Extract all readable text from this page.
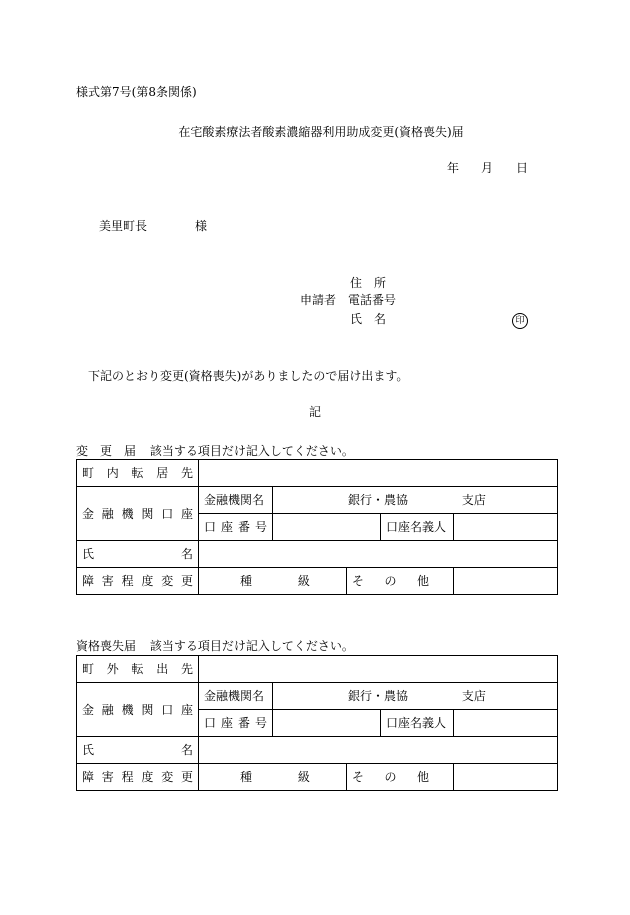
様式第7号(第8条関係)
在宅酸素療法者酸素濃縮器利用助成変更(資格喪失)届
年 月 日
美里町長	様
住　所
申請者 電話番号
氏　名	印
下記のとおり変更(資格喪失)がありましたので届け出ます。
記
変　更　届 該当する項目だけ記入してください。
町内転居先					
金融機関口座	金融機関名	銀行・農協 支店			
	口座番号			口座名義人	
氏名					
障害程度変更	種 級		その他		
資格喪失届 該当する項目だけ記入してください。
町外転出先					
金融機関口座	金融機関名	銀行・農協 支店			
	口座番号			口座名義人	
氏名					
障害程度変更	種 級		その他		
